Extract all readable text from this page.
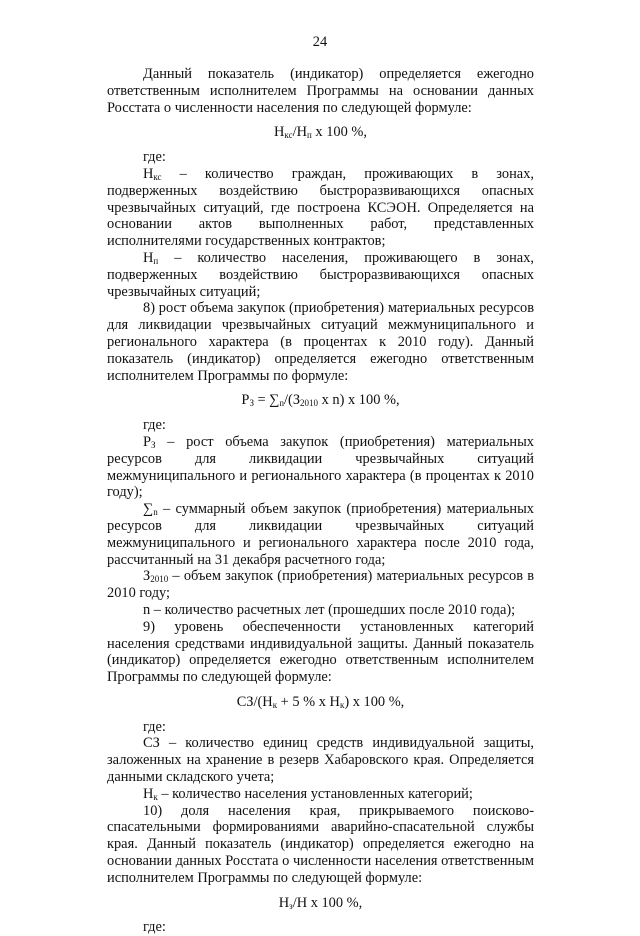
24
Данный показатель (индикатор) определяется ежегодно ответственным исполнителем Программы на основании данных Росстата о численности населения по следующей формуле:
$Н_{кс}/Н_п$ х 100 %,
где:
$Н_{кс}$ – количество граждан, проживающих в зонах, подверженных воздействию быстроразвивающихся опасных чрезвычайных ситуаций, где построена КСЭОН. Определяется на основании актов выполненных работ, представленных исполнителями государственных контрактов;
$Н_п$ – количество населения, проживающего в зонах, подверженных воздействию быстроразвивающихся опасных чрезвычайных ситуаций;
8) рост объема закупок (приобретения) материальных ресурсов для ликвидации чрезвычайных ситуаций межмуниципального и регионального характера (в процентах к 2010 году). Данный показатель (индикатор) определяется ежегодно ответственным исполнителем Программы по формуле:
$Р_З = \sum_n/(З_{2010}$ х n) х 100 %,
где:
$Р_З$ – рост объема закупок (приобретения) материальных ресурсов для ликвидации чрезвычайных ситуаций межмуниципального и регионального характера (в процентах к 2010 году);
$\sum_n$ – суммарный объем закупок (приобретения) материальных ресурсов для ликвидации чрезвычайных ситуаций межмуниципального и регионального характера после 2010 года, рассчитанный на 31 декабря расчетного года;
$З_{2010}$ – объем закупок (приобретения) материальных ресурсов в 2010 году;
n – количество расчетных лет (прошедших после 2010 года);
9) уровень обеспеченности установленных категорий населения средствами индивидуальной защиты. Данный показатель (индикатор) определяется ежегодно ответственным исполнителем Программы по следующей формуле:
$СЗ/(Н_к + 5$ % х $Н_к$) х 100 %,
где:
СЗ – количество единиц средств индивидуальной защиты, заложенных на хранение в резерв Хабаровского края. Определяется данными складского учета;
$Н_к$ – количество населения установленных категорий;
10) доля населения края, прикрываемого поисково-спасательными формированиями аварийно-спасательной службы края. Данный показатель (индикатор) определяется ежегодно на основании данных Росстата о численности населения ответственным исполнителем Программы по следующей формуле:
$Н_з/Н$ х 100 %,
где:
